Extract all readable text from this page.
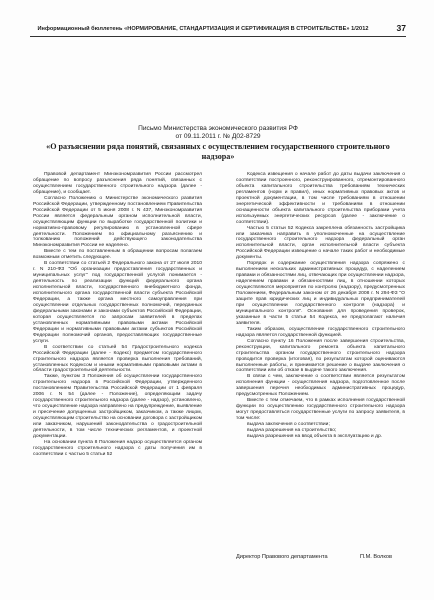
Информационный бюллетень «НОРМИРОВАНИЕ, СТАНДАРТИЗАЦИЯ И СЕРТИФИКАЦИЯ В СТРОИТЕЛЬСТВЕ» 1/2012	37
Письмо Министерства экономического развития РФ
от 09.11.2011 г. № Д02-8729
«О разъяснении ряда понятий, связанных с осуществлением государственного строительного надзора»

Правовой департамент Минэкономразвития России рассмотрел обращение по вопросу разъяснения ряда понятий, связанных с осуществлением государственного строительного надзора (далее - обращение), и сообщает.

Согласно Положению о Министерстве экономического развития Российской Федерации, утвержденному постановлением Правительства Российской Федерации от 5 июня 2008 г. N 437, Минэкономразвития России является федеральным органом исполнительной власти, осуществляющим функции по выработке государственной политики и нормативно-правовому регулированию в установленной сфере деятельности. Положением по официальному разъяснению и толкованию положений действующего законодательства Минэкономразвития России не наделено.

Вместе с тем по поставленным в обращении вопросам полагаем возможным отметить следующее.

В соответствии со статьей 2 Федерального закона от 27 июля 2010 г. N 210-ФЗ "Об организации предоставления государственных и муниципальных услуг" под государственной услугой понимается - деятельность по реализации функций федерального органа исполнительной власти, государственного внебюджетного фонда, исполнительного органа государственной власти субъекта Российской Федерации, а также органа местного самоуправления при осуществлении отдельных государственных полномочий, переданных федеральными законами и законами субъектов Российской Федерации, которая осуществляется по запросам заявителей в пределах установленных нормативными правовыми актами Российской Федерации и нормативными правовыми актами субъектов Российской Федерации полномочий органов, предоставляющих государственные услуги.

В соответствии со статьей 54 Градостроительного кодекса Российской Федерации (далее - Кодекс) предметом государственного строительного надзора является проверка выполнения требований, установленных Кодексом и иными нормативными правовыми актами в области градостроительной деятельности.

Также, пунктом 3 Положения об осуществлении государственного строительного надзора в Российской Федерации, утвержденного постановлением Правительства Российской Федерации от 1 февраля 2006 г. N 54 (далее - Положение), определяющим задачу государственного строительного надзора (далее - надзор), установлено, что осуществление надзора направлено на предупреждение, выявление и пресечение допущенных застройщиком, заказчиком, а также лицом, осуществляющим строительство на основании договора с застройщиком или заказчиком, нарушений законодательства о градостроительной деятельности, в том числе технических регламентов, и проектной документации.

На основании пункта 8 Положения надзор осуществляется органом государственного строительного надзора с даты получения им в соответствии с частью 5 статьи 52

Кодекса извещения о начале работ до даты выдачи заключения о соответствии построенного, реконструированного, отремонтированного объекта капитального строительства требованиям технических регламентов (норм и правил), иных нормативных правовых актов и проектной документации, в том числе требованиям в отношении энергетической эффективности и требованиям в отношении оснащенности объекта капитального строительства приборами учета используемых энергетических ресурсов (далее - заключение о соответствии).

Частью 5 статьи 52 Кодекса закреплена обязанность застройщика или заказчика направить в уполномоченные на осуществление государственного строительного надзора федеральный орган исполнительной власти, орган исполнительной власти субъекта Российской Федерации извещение о начале таких работ и необходимые документы.

Порядок и содержание осуществления надзора сопряжено с выполнением нескольких административных процедур, с наделением правами и обязанностями лиц, отвечающих при осуществлении надзора, наделением правами и обязанностями лиц, в отношении которых осуществляются мероприятия по контролю (надзору), предусмотренных Положением, Федеральным законом от 26 декабря 2008 г. N 294-ФЗ "О защите прав юридических лиц и индивидуальных предпринимателей при осуществлении государственного контроля (надзора) и муниципального контроля". Основания для проведения проверок, указанные в части 5 статьи 54 Кодекса, не предполагают наличия заявителя.

Таким образом, осуществление государственного строительного надзора является государственной функцией.

Согласно пункту 16 Положения после завершения строительства, реконструкции, капитального ремонта объекта капитального строительства органом государственного строительного надзора проводится проверка (итоговая), по результатам которой оцениваются выполненные работы, и принимается решение о выдаче заключения о соответствии или об отказе в выдаче такого заключения.

В связи с чем, заключение о соответствии является результатом исполнения функции - осуществления надзора, подготовленное после завершения перечня необходимых административных процедур, предусмотренных Положением.

Вместе с тем отмечаем, что в рамках исполнения государственной функции по осуществлению государственного строительного надзора могут предоставляться государственные услуги по запросу заявителя, в том числе:

выдача заключения о соответствии;

выдача разрешения на строительство;

выдача разрешения на ввод объекта в эксплуатацию и др.

Директор Правового департамента	П.М. Волков
